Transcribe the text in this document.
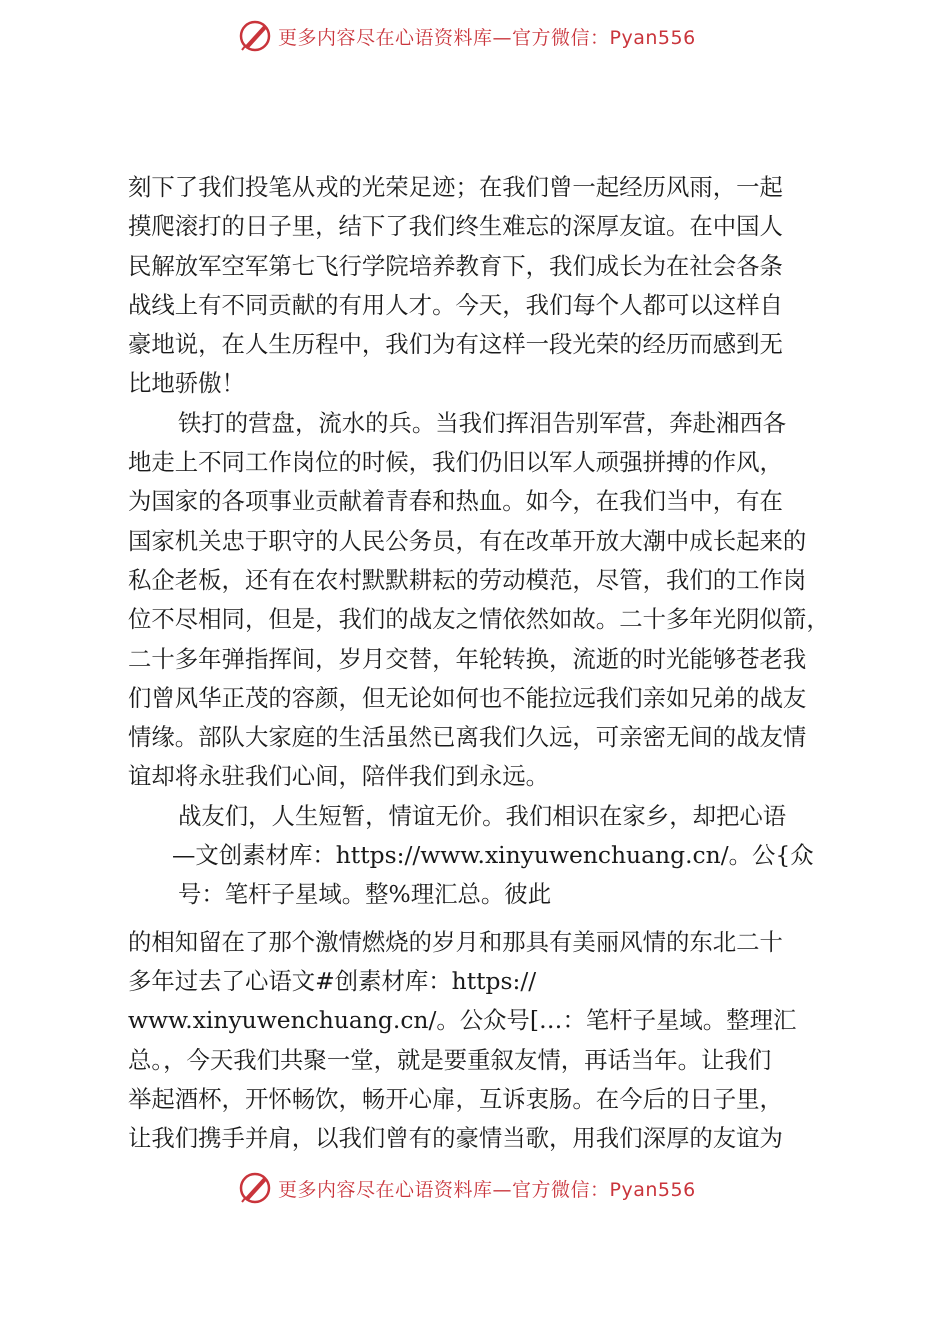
更多内容尽在心语资料库—官方微信：Pyan556
刻下了我们投笔从戎的光荣足迹；在我们曾一起经历风雨，一起
摸爬滚打的日子里，结下了我们终生难忘的深厚友谊。在中国人
民解放军空军第七飞行学院培养教育下，我们成长为在社会各条
战线上有不同贡献的有用人才。今天，我们每个人都可以这样自
豪地说，在人生历程中，我们为有这样一段光荣的经历而感到无
比地骄傲！
铁打的营盘，流水的兵。当我们挥泪告别军营，奔赴湘西各
地走上不同工作岗位的时候，我们仍旧以军人顽强拼搏的作风，
为国家的各项事业贡献着青春和热血。如今，在我们当中，有在
国家机关忠于职守的人民公务员，有在改革开放大潮中成长起来的
私企老板，还有在农村默默耕耘的劳动模范，尽管，我们的工作岗
位不尽相同，但是，我们的战友之情依然如故。二十多年光阴似箭，
二十多年弹指挥间，岁月交替，年轮转换，流逝的时光能够苍老我
们曾风华正茂的容颜，但无论如何也不能拉远我们亲如兄弟的战友
情缘。部队大家庭的生活虽然已离我们久远，可亲密无间的战友情
谊却将永驻我们心间，陪伴我们到永远。
战友们，人生短暂，情谊无价。我们相识在家乡，却把心语
—文创素材库：https://www.xinyuwenchuang.cn/。公{众
号：笔杆子星域。整%理汇总。彼此
的相知留在了那个激情燃烧的岁月和那具有美丽风情的东北二十
多年过去了心语文#创素材库：https://
www.xinyuwenchuang.cn/。公众号[…：笔杆子星域。整理汇
总。，今天我们共聚一堂，就是要重叙友情，再话当年。让我们
举起酒杯，开怀畅饮，畅开心扉，互诉衷肠。在今后的日子里，
让我们携手并肩，以我们曾有的豪情当歌，用我们深厚的友谊为
更多内容尽在心语资料库—官方微信：Pyan556
